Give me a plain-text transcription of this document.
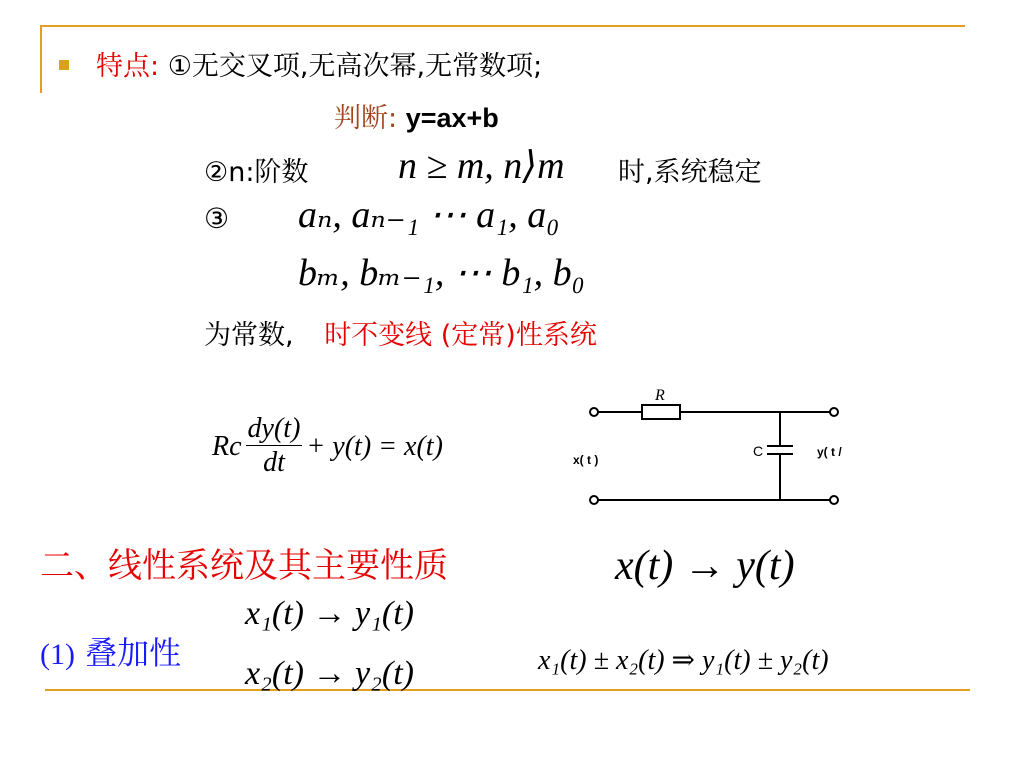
特点: ①无交叉项,无高次幂,无常数项;
判断: y=ax+b
②n:阶数 n ≥ m, n⟩m 时,系统稳定
③ aₙ, aₙ₋₁ ⋯ a₁, a₀
bₘ, bₘ₋₁, ⋯ b₁, b₀
为常数, 时不变线 (定常)性系统
Rc $\frac{dy(t)}{dt} + y(t) = x(t)$
R
C
x( t )
y( t /
二、线性系统及其主要性质	x(t) → y(t)
x₁(t) → y₁(t)
(1) 叠加性	x₁(t) ± x₂(t) ⇒ y₁(t) ± y₂(t)
x₂(t) → y₂(t)
